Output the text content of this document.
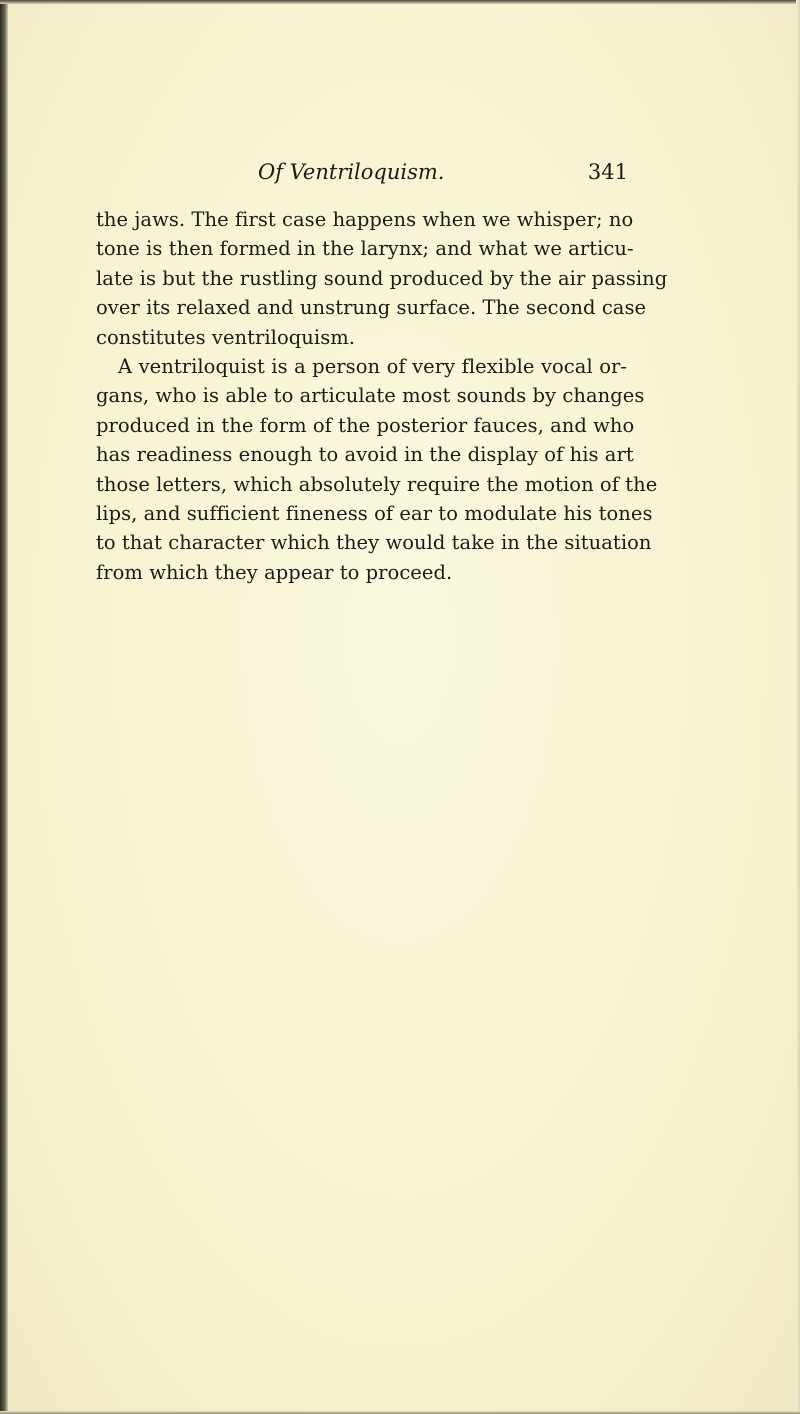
Of Ventriloquism.	341
the jaws. The first case happens when we whisper; no
tone is then formed in the larynx; and what we articu-
late is but the rustling sound produced by the air passing
over its relaxed and unstrung surface. The second case
constitutes ventriloquism.
A ventriloquist is a person of very flexible vocal or-
gans, who is able to articulate most sounds by changes
produced in the form of the posterior fauces, and who
has readiness enough to avoid in the display of his art
those letters, which absolutely require the motion of the
lips, and sufficient fineness of ear to modulate his tones
to that character which they would take in the situation
from which they appear to proceed.
